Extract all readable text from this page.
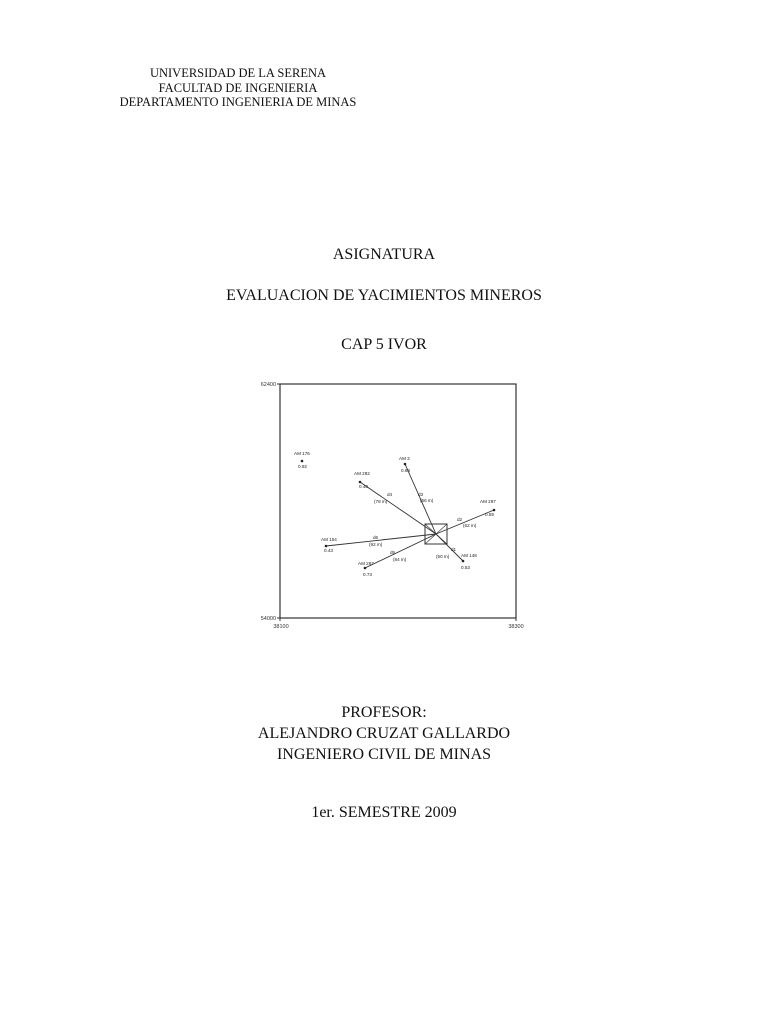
UNIVERSIDAD DE LA SERENA
FACULTAD DE INGENIERIA
DEPARTAMENTO INGENIERIA DE MINAS
ASIGNATURA
EVALUACION DE YACIMIENTOS MINEROS
CAP 5 IVOR
62400
54000
38100	38300
AM 176
0.92
AM 3
0.68
AM 282
0.40
AM 297
0.59
AM 154
0.43
AM 287
0.73
AM 148
0.53
d4
(78 m)
d3
(56 m)
d2
(62 m)
d6
(92 m)
d5
(84 m)
d1
(50 m)
PROFESOR:
ALEJANDRO CRUZAT GALLARDO
INGENIERO CIVIL DE MINAS
1er. SEMESTRE 2009
